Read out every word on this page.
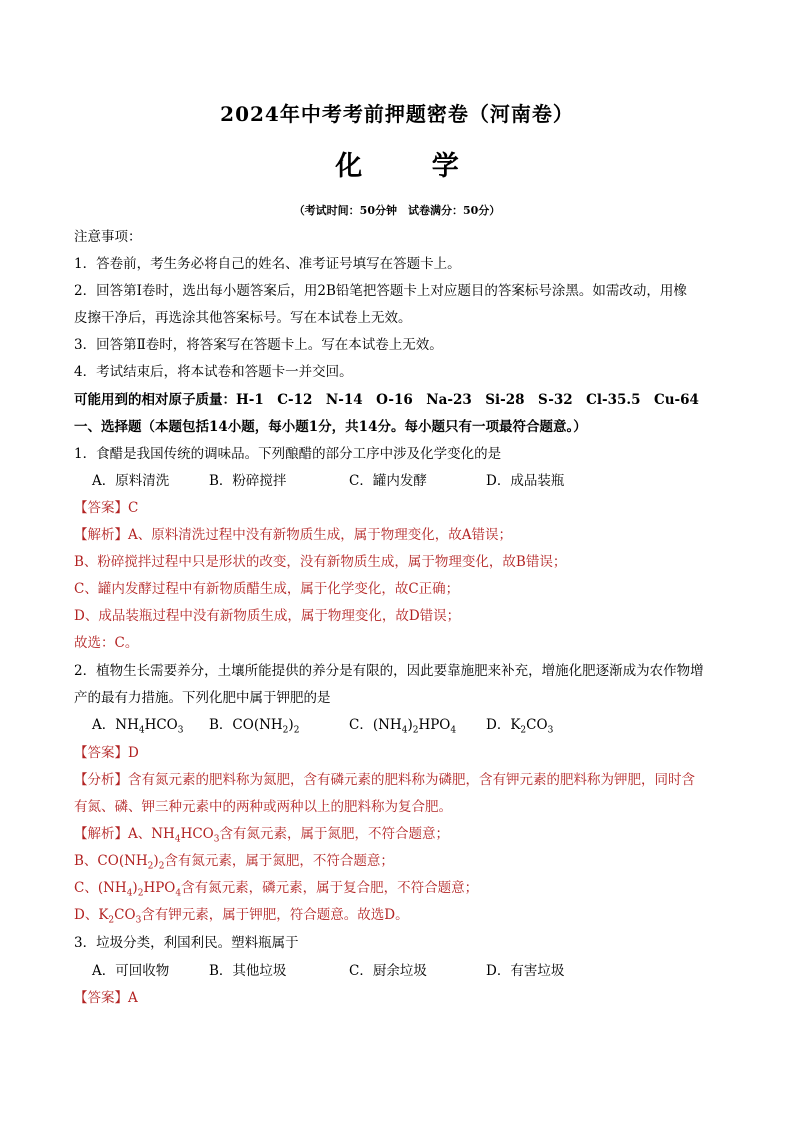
2024年中考考前押题密卷（河南卷）
化 学
（考试时间：50分钟　试卷满分：50分）
注意事项：
1．答卷前，考生务必将自己的姓名、准考证号填写在答题卡上。
2．回答第Ⅰ卷时，选出每小题答案后，用2B铅笔把答题卡上对应题目的答案标号涂黑。如需改动，用橡
皮擦干净后，再选涂其他答案标号。写在本试卷上无效。
3．回答第Ⅱ卷时，将答案写在答题卡上。写在本试卷上无效。
4．考试结束后，将本试卷和答题卡一并交回。
可能用到的相对原子质量：H-1　C-12　N-14　O-16　Na-23　Si-28　S-32　Cl-35.5　Cu-64
一、选择题（本题包括14小题，每小题1分，共14分。每小题只有一项最符合题意。）
1．食醋是我国传统的调味品。下列酿醋的部分工序中涉及化学变化的是
A．原料清洗	B．粉碎搅拌	C．罐内发酵	D．成品装瓶
【答案】C
【解析】A、原料清洗过程中没有新物质生成，属于物理变化，故A错误；
B、粉碎搅拌过程中只是形状的改变，没有新物质生成，属于物理变化，故B错误；
C、罐内发酵过程中有新物质醋生成，属于化学变化，故C正确；
D、成品装瓶过程中没有新物质生成，属于物理变化，故D错误；
故选：C。
2．植物生长需要养分，土壤所能提供的养分是有限的，因此要靠施肥来补充，增施化肥逐渐成为农作物增
产的最有力措施。下列化肥中属于钾肥的是
A．$NH_4HCO_3$ B．$CO(NH_2)_2$	C．$(NH_4)_2HPO_4$ D．$K_2CO_3$
【答案】D
【分析】含有氮元素的肥料称为氮肥，含有磷元素的肥料称为磷肥，含有钾元素的肥料称为钾肥，同时含
有氮、磷、钾三种元素中的两种或两种以上的肥料称为复合肥。
【解析】A、$NH_4HCO_3$含有氮元素，属于氮肥，不符合题意；
B、$CO(NH_2)_2$含有氮元素，属于氮肥，不符合题意；
C、$(NH_4)_2HPO_4$含有氮元素，磷元素，属于复合肥，不符合题意；
D、$K_2CO_3$含有钾元素，属于钾肥，符合题意。故选D。
3．垃圾分类，利国利民。塑料瓶属于
A．可回收物	B．其他垃圾	C．厨余垃圾	D．有害垃圾
【答案】A
